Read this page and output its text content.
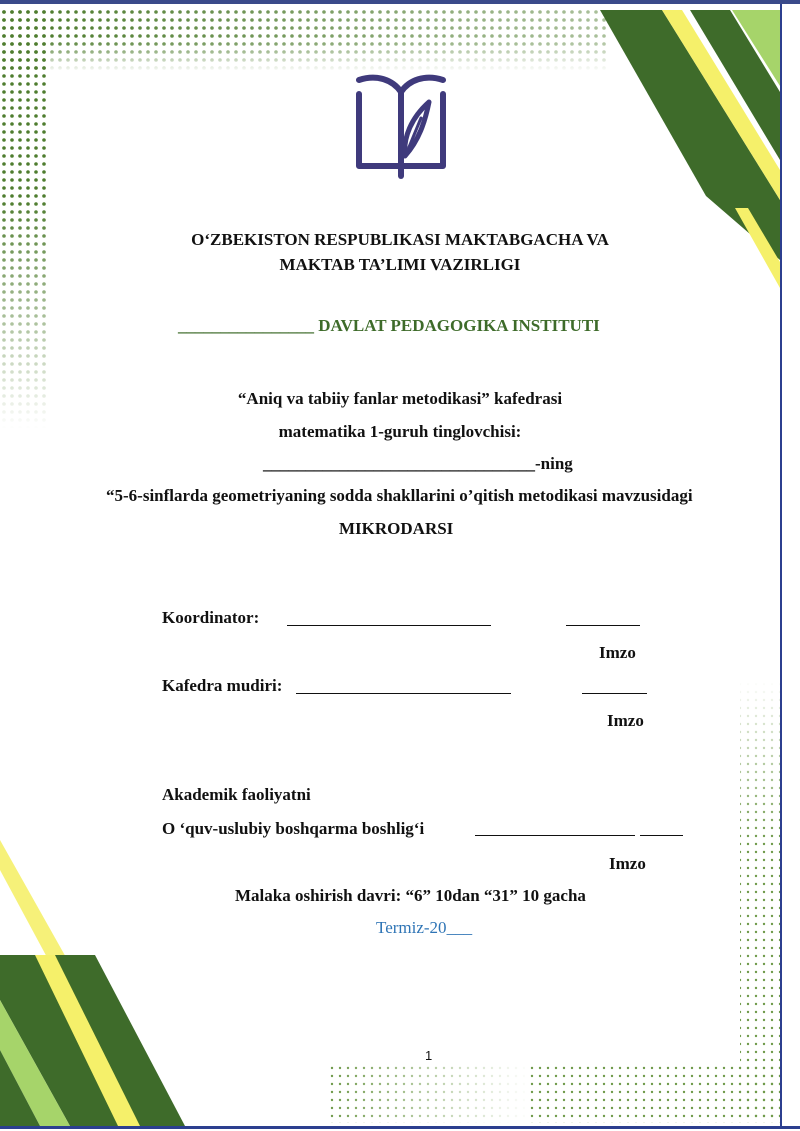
O‘ZBEKISTON RESPUBLIKASI MAKTABGACHA VA
MAKTAB TA’LIMI VAZIRLIGI
________________ DAVLAT PEDAGOGIKA INSTITUTI
“Aniq va tabiiy fanlar metodikasi” kafedrasi
matematika 1-guruh tinglovchisi:
________________________________-ning
“5-6-sinflarda geometriyaning sodda shakllarini o’qitish metodikasi mavzusidagi
MIKRODARSI
Koordinator:
Imzo
Kafedra mudiri:
Imzo
Akademik faoliyatni
O ‘quv-uslubiy boshqarma boshlig‘i
Imzo
Malaka oshirish davri: “6” 10dan “31” 10 gacha
Termiz-20___
1
